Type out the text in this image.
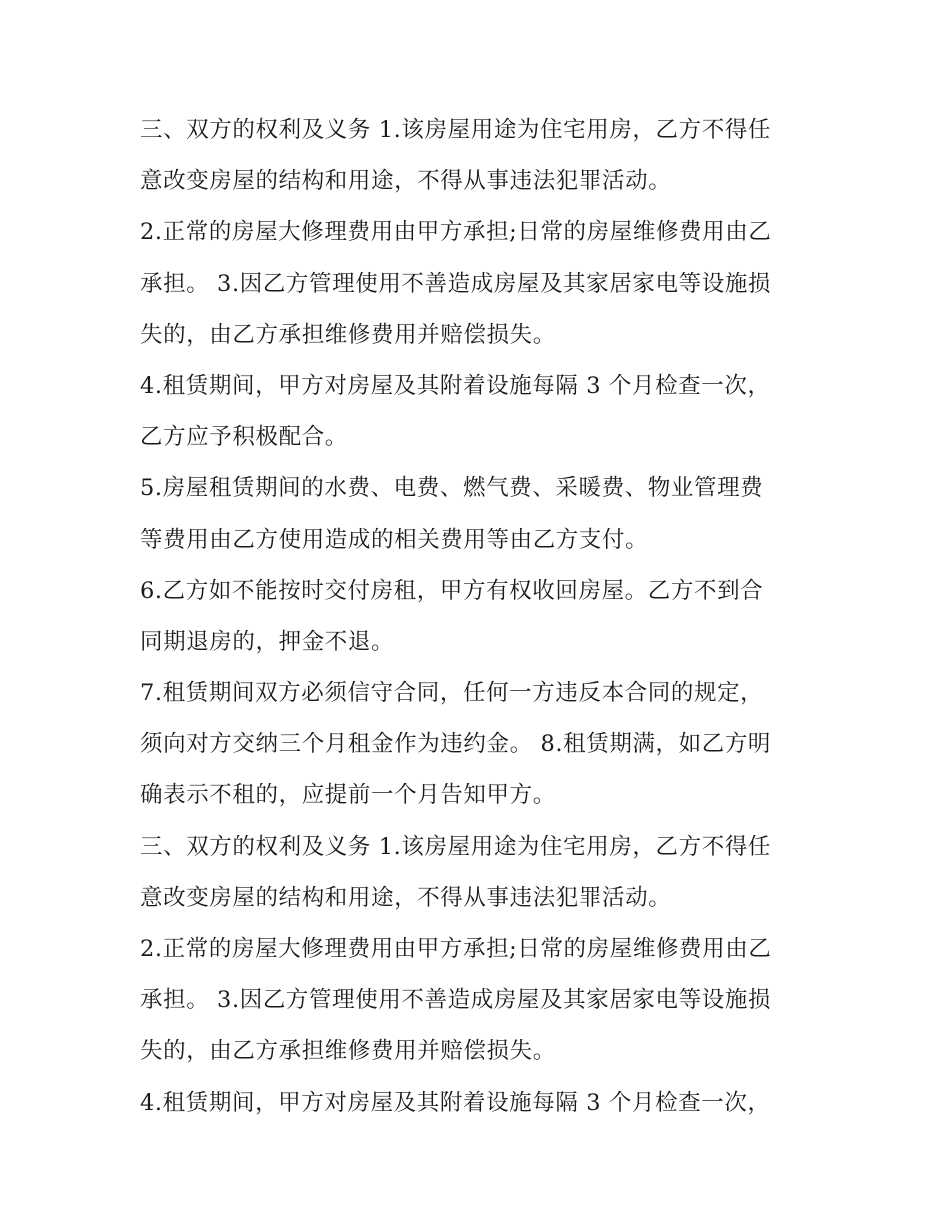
三、双方的权利及义务 1.该房屋用途为住宅用房，乙方不得任
意改变房屋的结构和用途，不得从事违法犯罪活动。
2.正常的房屋大修理费用由甲方承担;日常的房屋维修费用由乙
承担。 3.因乙方管理使用不善造成房屋及其家居家电等设施损
失的，由乙方承担维修费用并赔偿损失。
4.租赁期间，甲方对房屋及其附着设施每隔 3 个月检查一次，
乙方应予积极配合。
5.房屋租赁期间的水费、电费、燃气费、采暖费、物业管理费
等费用由乙方使用造成的相关费用等由乙方支付。
6.乙方如不能按时交付房租，甲方有权收回房屋。乙方不到合
同期退房的，押金不退。
7.租赁期间双方必须信守合同，任何一方违反本合同的规定，
须向对方交纳三个月租金作为违约金。 8.租赁期满，如乙方明
确表示不租的，应提前一个月告知甲方。
三、双方的权利及义务 1.该房屋用途为住宅用房，乙方不得任
意改变房屋的结构和用途，不得从事违法犯罪活动。
2.正常的房屋大修理费用由甲方承担;日常的房屋维修费用由乙
承担。 3.因乙方管理使用不善造成房屋及其家居家电等设施损
失的，由乙方承担维修费用并赔偿损失。
4.租赁期间，甲方对房屋及其附着设施每隔 3 个月检查一次，
